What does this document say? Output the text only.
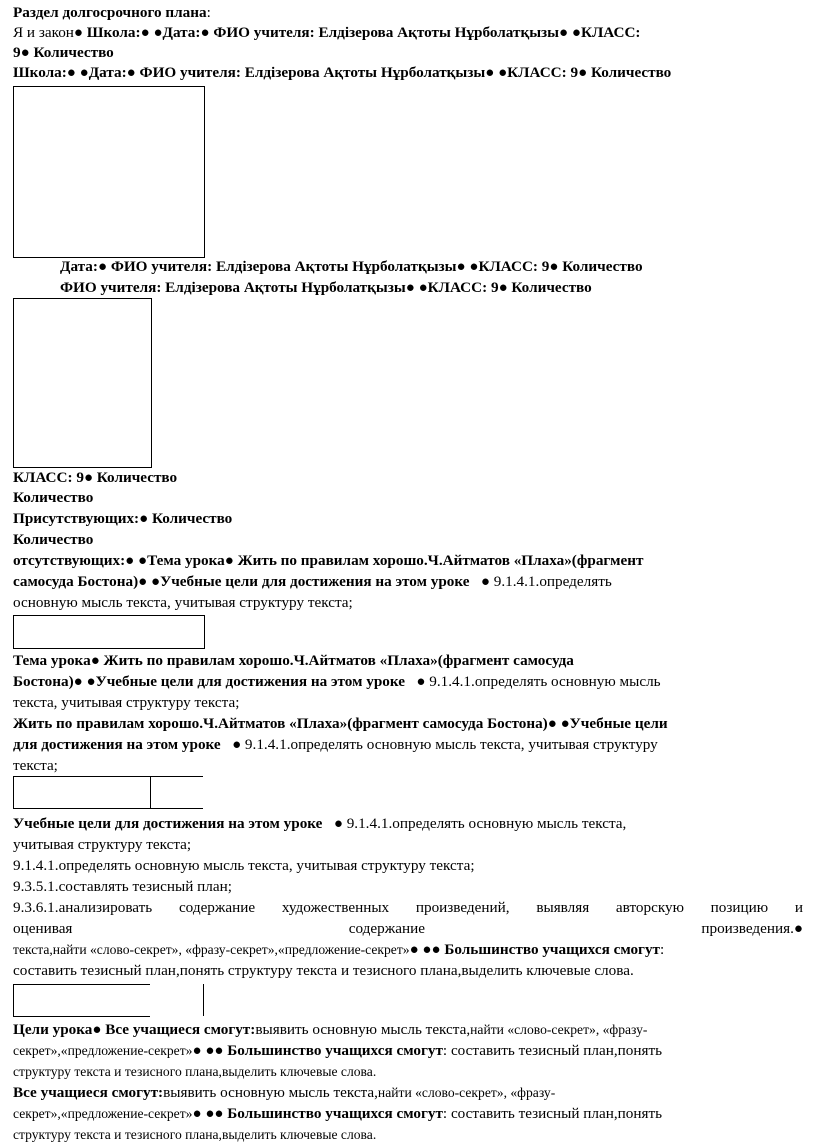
Раздел долгосрочного плана:
Я и закон● Школа:● ●Дата:● ФИО учителя: Елдізерова Ақтоты Нұрболатқызы● ●КЛАСС:
9● Количество
Школа:● ●Дата:● ФИО учителя: Елдізерова Ақтоты Нұрболатқызы● ●КЛАСС: 9● Количество
Дата:● ФИО учителя: Елдізерова Ақтоты Нұрболатқызы● ●КЛАСС: 9● Количество
ФИО учителя: Елдізерова Ақтоты Нұрболатқызы● ●КЛАСС: 9● Количество
КЛАСС: 9● Количество
Количество
Присутствующих:● Количество
Количество
отсутствующих:● ●Тема урока● Жить по правилам хорошо.Ч.Айтматов «Плаха»(фрагмент
самосуда Бостона)● ●Учебные цели для достижения на этом уроке ● 9.1.4.1.определять
основную мысль текста, учитывая структуру текста;
Тема урока● Жить по правилам хорошо.Ч.Айтматов «Плаха»(фрагмент самосуда
Бостона)● ●Учебные цели для достижения на этом уроке ● 9.1.4.1.определять основную мысль
текста, учитывая структуру текста;
Жить по правилам хорошо.Ч.Айтматов «Плаха»(фрагмент самосуда Бостона)● ●Учебные цели
для достижения на этом уроке ● 9.1.4.1.определять основную мысль текста, учитывая структуру
текста;
Учебные цели для достижения на этом уроке ● 9.1.4.1.определять основную мысль текста,
учитывая структуру текста;
9.1.4.1.определять основную мысль текста, учитывая структуру текста;
9.3.5.1.составлять тезисный план;
9.3.6.1.анализировать содержание художественных произведений, выявляя авторскую позицию и
оценивая	содержание	произведения.●
текста,найти «слово-секрет», «фразу-секрет»,«предложение-секрет»● ●● Большинство учащихся смогут:
составить тезисный план,понять структуру текста и тезисного плана,выделить ключевые слова.
Цели урока● Все учащиеся смогут:выявить основную мысль текста,найти «слово-секрет», «фразу-
секрет»,«предложение-секрет»● ●● Большинство учащихся смогут: составить тезисный план,понять
структуру текста и тезисного плана,выделить ключевые слова.
Все учащиеся смогут:выявить основную мысль текста,найти «слово-секрет», «фразу-
секрет»,«предложение-секрет»● ●● Большинство учащихся смогут: составить тезисный план,понять
структуру текста и тезисного плана,выделить ключевые слова.
